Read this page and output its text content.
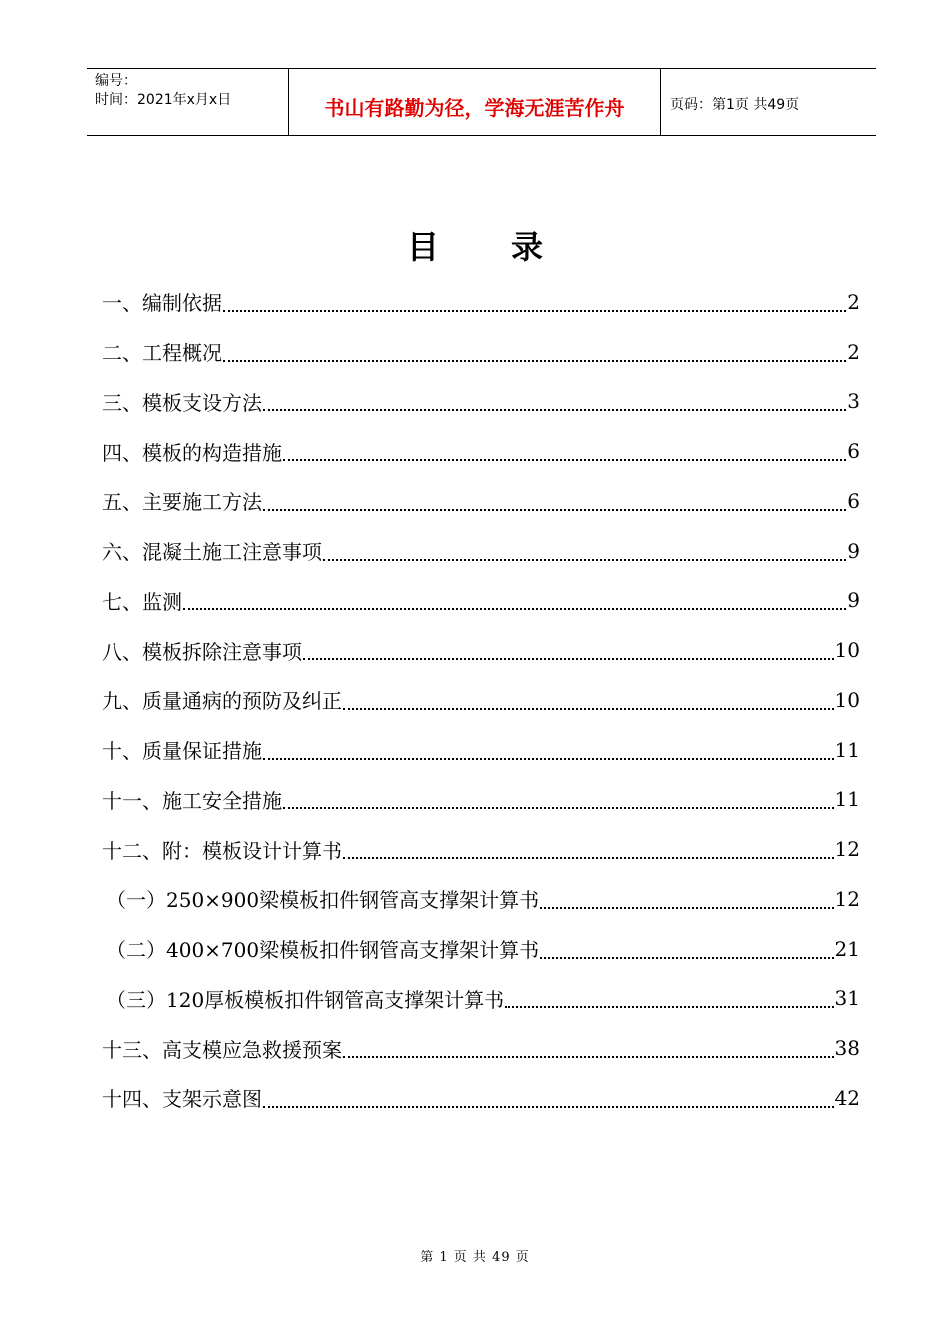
编号：
时间：2021年x月x日	书山有路勤为径，学海无涯苦作舟	页码：第1页 共49页
目 录
一、编制依据	2
二、工程概况	2
三、模板支设方法	3
四、模板的构造措施	6
五、主要施工方法	6
六、混凝土施工注意事项	9
七、监测	9
八、模板拆除注意事项	10
九、质量通病的预防及纠正	10
十、质量保证措施	11
十一、施工安全措施	11
十二、附：模板设计计算书	12
（一）250×900梁模板扣件钢管高支撑架计算书	12
（二）400×700梁模板扣件钢管高支撑架计算书	21
（三）120厚板模板扣件钢管高支撑架计算书	31
十三、高支模应急救援预案	38
十四、支架示意图	42
第 1 页 共 49 页
